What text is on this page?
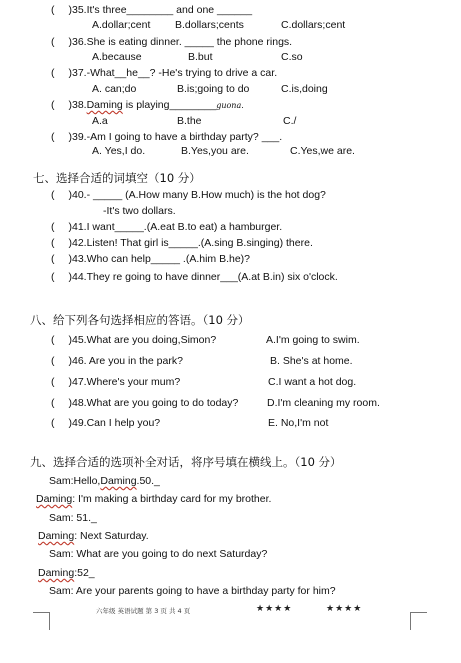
( )35.It's three________ and one ______
A.dollar;cent B.dollars;cents	C.dollars;cent
( )36.She is eating dinner. _____ the phone rings.
A.because	B.but	C.so
( )37.-What__he__? -He's trying to drive a car.
A. can;do	B.is;going to do	C.is,doing
( )38.Daming is playing________guona.
A.a	B.the	C./
( )39.-Am I going to have a birthday party? ___.
A. Yes,I do.	B.Yes,you are.	C.Yes,we are.
七、选择合适的词填空（10 分）
( )40.- _____ (A.How many B.How much) is the hot dog?
-It's two dollars.
( )41.I want_____.(A.eat B.to eat) a hamburger.
( )42.Listen! That girl is_____.(A.sing B.singing) there.
( )43.Who can help_____ .(A.him B.he)?
( )44.They re going to have dinner___(A.at B.in) six o'clock.
八、给下列各句选择相应的答语。（10 分）
( )45.What are you doing,Simon?	A.I'm going to swim.
( )46. Are you in the park?	B. She's at home.
( )47.Where's your mum?	C.I want a hot dog.
( )48.What are you going to do today?	D.I'm cleaning my room.
( )49.Can I help you?	E. No,I'm not
九、选择合适的选项补全对话，将序号填在横线上。（10 分）
Sam:Hello,Daming.50._
Daming: I'm making a birthday card for my brother.
Sam: 51._
Daming: Next Saturday.
Sam: What are you going to do next Saturday?
Daming:52_
Sam: Are your parents going to have a birthday party for him?
六年级 英语试题 第 3 页 共 4 页	★★★★	★★★★
